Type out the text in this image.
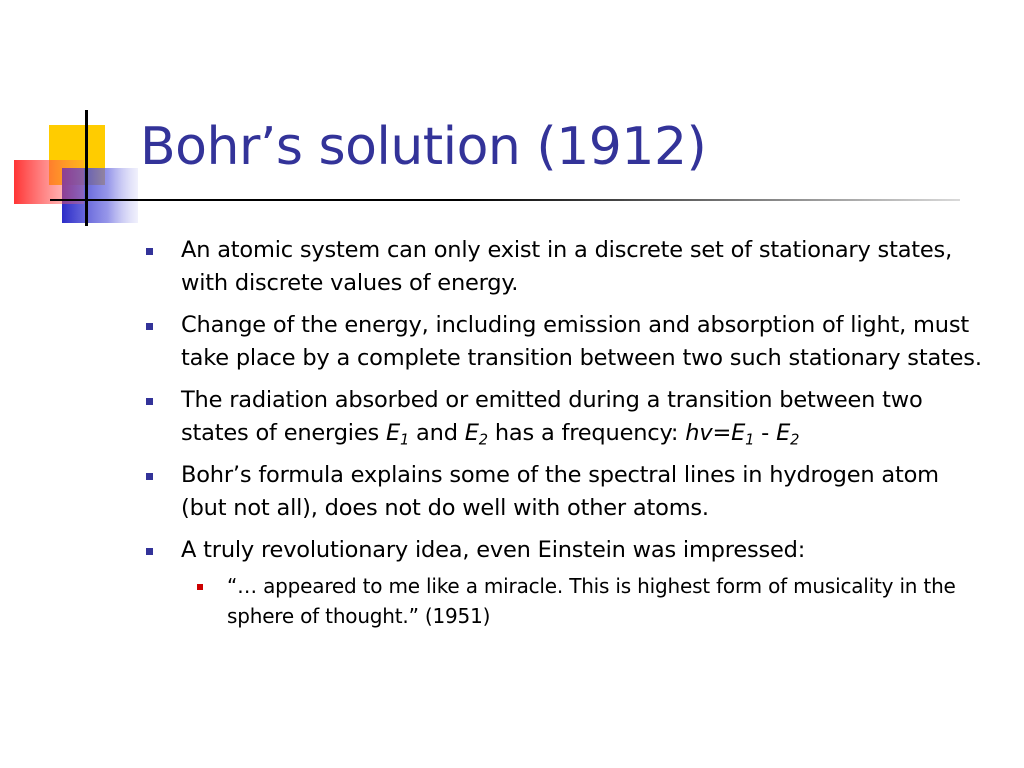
Bohr’s solution (1912)
An atomic system can only exist in a discrete set of stationary states, with discrete values of energy.
Change of the energy, including emission and absorption of light, must take place by a complete transition between two such stationary states.
The radiation absorbed or emitted during a transition between two states of energies $E_1$ and $E_2$ has a frequency: $hv=E_1 - E_2$
Bohr’s formula explains some of the spectral lines in hydrogen atom (but not all), does not do well with other atoms.
A truly revolutionary idea, even Einstein was impressed:
“… appeared to me like a miracle. This is highest form of musicality in the sphere of thought.” (1951)
